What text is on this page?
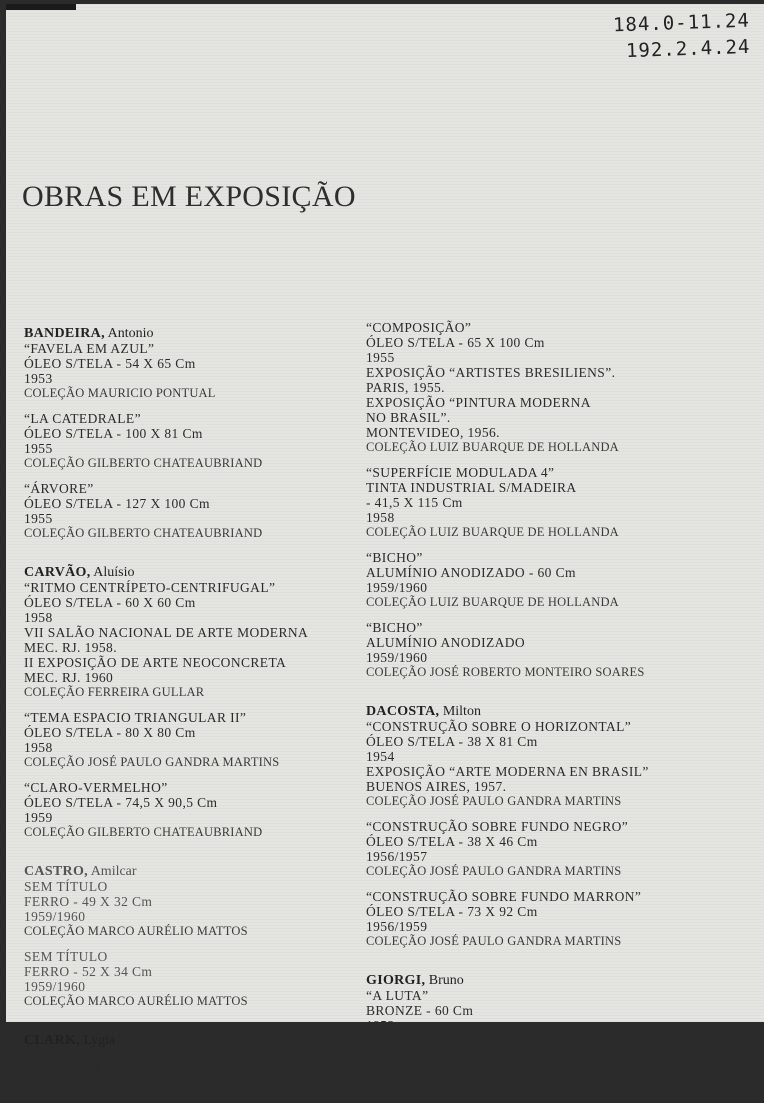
184.0-11.24
192.2.4.24
OBRAS EM EXPOSIÇÃO
BANDEIRA, Antonio
“FAVELA EM AZUL”
ÓLEO S/TELA - 54 X 65 Cm
1953
COLEÇÃO MAURICIO PONTUAL
“LA CATEDRALE”
ÓLEO S/TELA - 100 X 81 Cm
1955
COLEÇÃO GILBERTO CHATEAUBRIAND
“ÁRVORE”
ÓLEO S/TELA - 127 X 100 Cm
1955
COLEÇÃO GILBERTO CHATEAUBRIAND
CARVÃO, Aluísio
“RITMO CENTRÍPETO-CENTRIFUGAL”
ÓLEO S/TELA - 60 X 60 Cm
1958
VII SALÃO NACIONAL DE ARTE MODERNA
MEC. RJ. 1958.
II EXPOSIÇÃO DE ARTE NEOCONCRETA
MEC. RJ. 1960
COLEÇÃO FERREIRA GULLAR
“TEMA ESPACIO TRIANGULAR II”
ÓLEO S/TELA - 80 X 80 Cm
1958
COLEÇÃO JOSÉ PAULO GANDRA MARTINS
“CLARO-VERMELHO”
ÓLEO S/TELA - 74,5 X 90,5 Cm
1959
COLEÇÃO GILBERTO CHATEAUBRIAND
CASTRO, Amilcar
SEM TÍTULO
FERRO - 49 X 32 Cm
1959/1960
COLEÇÃO MARCO AURÉLIO MATTOS
SEM TÍTULO
FERRO - 52 X 34 Cm
1959/1960
COLEÇÃO MARCO AURÉLIO MATTOS
CLARK, Lygia
“COMPOSIÇÃO”
ÓLEO S/TELA - 63 X 50 Cm
1952
“COMPOSIÇÃO”
ÓLEO S/TELA - 65 X 100 Cm
1955
EXPOSIÇÃO “ARTISTES BRESILIENS”.
PARIS, 1955.
EXPOSIÇÃO “PINTURA MODERNA
NO BRASIL”.
MONTEVIDEO, 1956.
COLEÇÃO LUIZ BUARQUE DE HOLLANDA
“SUPERFÍCIE MODULADA 4”
TINTA INDUSTRIAL S/MADEIRA
- 41,5 X 115 Cm
1958
COLEÇÃO LUIZ BUARQUE DE HOLLANDA
“BICHO”
ALUMÍNIO ANODIZADO - 60 Cm
1959/1960
COLEÇÃO LUIZ BUARQUE DE HOLLANDA
“BICHO”
ALUMÍNIO ANODIZADO
1959/1960
COLEÇÃO JOSÉ ROBERTO MONTEIRO SOARES
DACOSTA, Milton
“CONSTRUÇÃO SOBRE O HORIZONTAL”
ÓLEO S/TELA - 38 X 81 Cm
1954
EXPOSIÇÃO “ARTE MODERNA EN BRASIL”
BUENOS AIRES, 1957.
COLEÇÃO JOSÉ PAULO GANDRA MARTINS
“CONSTRUÇÃO SOBRE FUNDO NEGRO”
ÓLEO S/TELA - 38 X 46 Cm
1956/1957
COLEÇÃO JOSÉ PAULO GANDRA MARTINS
“CONSTRUÇÃO SOBRE FUNDO MARRON”
ÓLEO S/TELA - 73 X 92 Cm
1956/1959
COLEÇÃO JOSÉ PAULO GANDRA MARTINS
GIORGI, Bruno
“A LUTA”
BRONZE - 60 Cm
1953
II BIENAL DE SÃO PAULO, 1953
PRÊMIO ESCULTURA NACIONAL
